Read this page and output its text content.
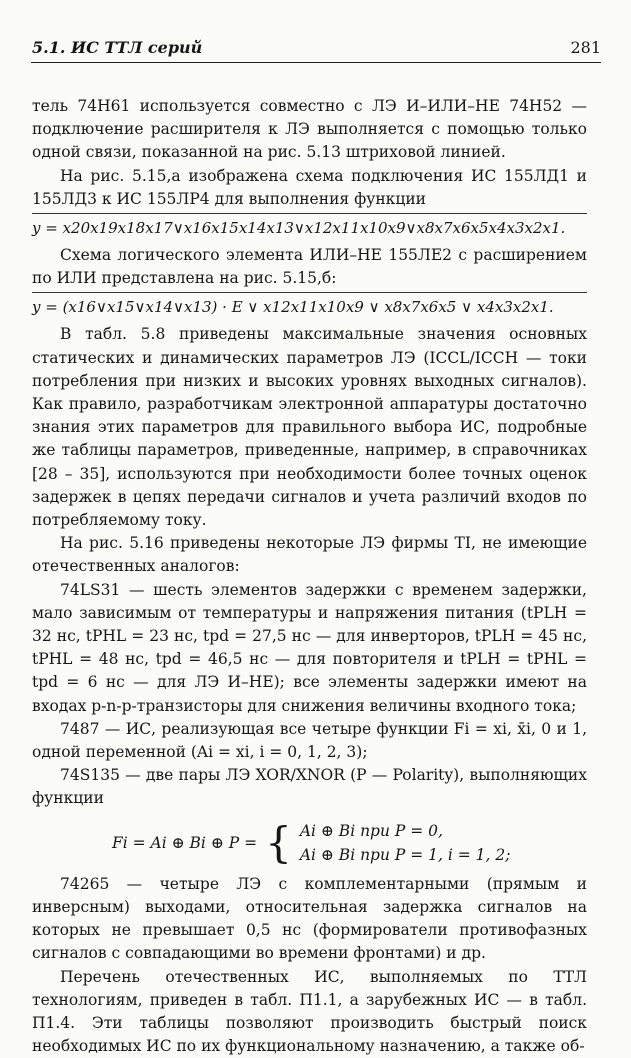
5.1. ИС ТТЛ серий	281

тель 74H61 используется совместно с ЛЭ И–ИЛИ–НЕ 74H52 — подключение расширителя к ЛЭ выполняется с помощью только одной связи, показанной на рис. 5.13 штриховой линией.

На рис. 5.15,а изображена схема подключения ИС 155ЛД1 и 155ЛД3 к ИС 155ЛР4 для выполнения функции

y = x20x19x18x17∨x16x15x14x13∨x12x11x10x9∨x8x7x6x5x4x3x2x1.

Схема логического элемента ИЛИ–НЕ 155ЛЕ2 с расширением по ИЛИ представлена на рис. 5.15,б:

y = (x16∨x15∨x14∨x13) · E ∨ x12x11x10x9 ∨ x8x7x6x5 ∨ x4x3x2x1.

В табл. 5.8 приведены максимальные значения основных статических и динамических параметров ЛЭ (ICCL/ICCH — токи потребления при низких и высоких уровнях выходных сигналов). Как правило, разработчикам электронной аппаратуры достаточно знания этих параметров для правильного выбора ИС, подробные же таблицы параметров, приведенные, например, в справочниках [28 – 35], используются при необходимости более точных оценок задержек в цепях передачи сигналов и учета различий входов по потребляемому току.

На рис. 5.16 приведены некоторые ЛЭ фирмы TI, не имеющие отечественных аналогов:

74LS31 — шесть элементов задержки с временем задержки, мало зависимым от температуры и напряжения питания (tPLH = 32 нс, tPHL = 23 нс, tpd = 27,5 нс — для инверторов, tPLH = 45 нс, tPHL = 48 нс, tpd = 46,5 нс — для повторителя и tPLH = tPHL = tpd = 6 нс — для ЛЭ И–НЕ); все элементы задержки имеют на входах p-n-p-транзисторы для снижения величины входного тока;

7487 — ИС, реализующая все четыре функции Fi = xi, x̄i, 0 и 1, одной переменной (Ai = xi, i = 0, 1, 2, 3);

74S135 — две пары ЛЭ XOR/XNOR (P — Polarity), выполняющих функции

Fi = Ai ⊕ Bi ⊕ P = { Ai ⊕ Bi при P = 0,
Ai ⊕ Bi при P = 1, i = 1, 2;

74265 — четыре ЛЭ с комплементарными (прямым и инверсным) выходами, относительная задержка сигналов на которых не превышает 0,5 нс (формирователи противофазных сигналов с совпадающими во времени фронтами) и др.

Перечень отечественных ИС, выполняемых по ТТЛ технологиям, приведен в табл. П1.1, а зарубежных ИС — в табл. П1.4. Эти таблицы позволяют производить быстрый поиск необходимых ИС по их функциональному назначению, а также об-
